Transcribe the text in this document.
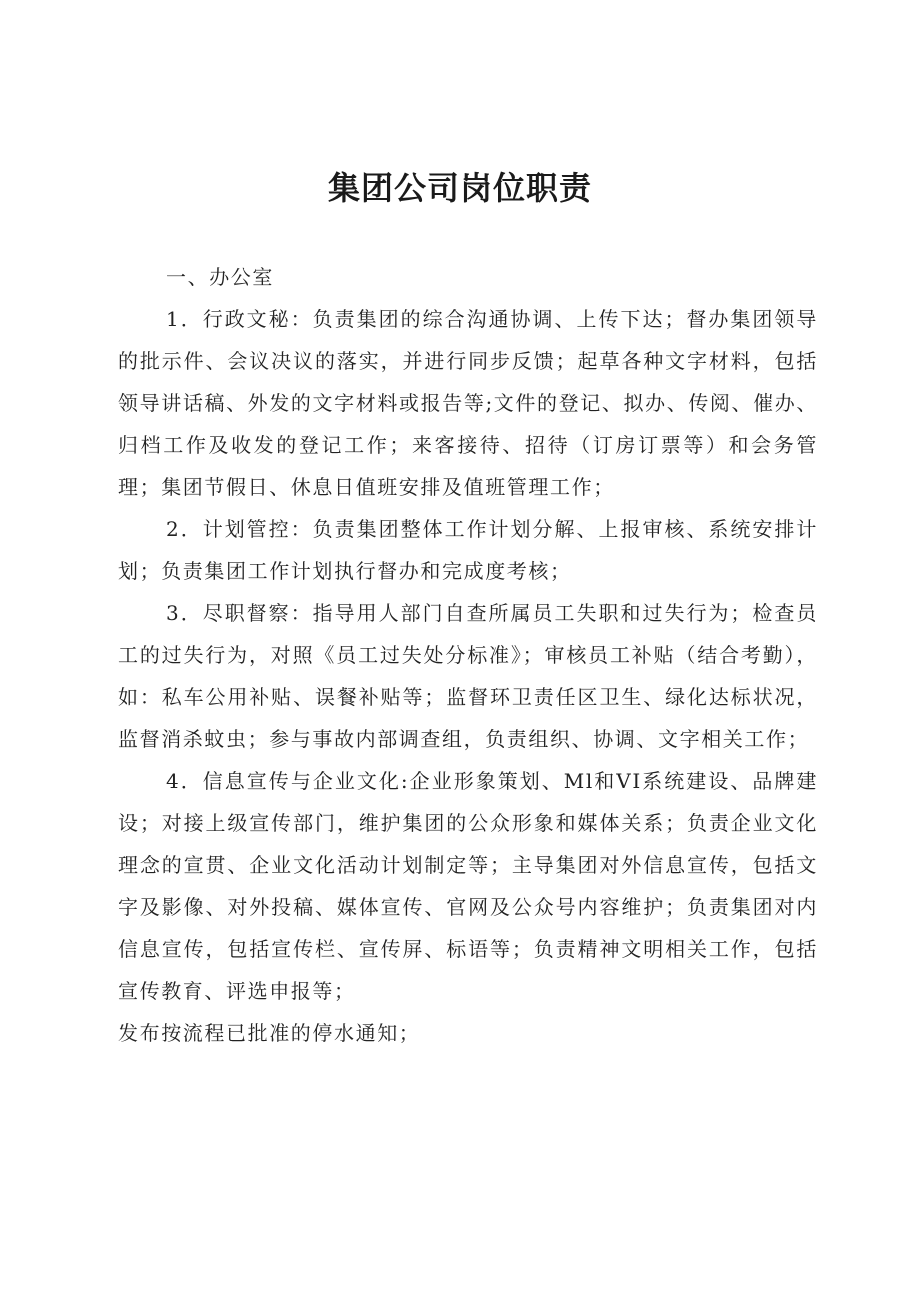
集团公司岗位职责

一、办公室

1．行政文秘：负责集团的综合沟通协调、上传下达；督办集团领导的批示件、会议决议的落实，并进行同步反馈；起草各种文字材料，包括领导讲话稿、外发的文字材料或报告等;文件的登记、拟办、传阅、催办、归档工作及收发的登记工作；来客接待、招待（订房订票等）和会务管理；集团节假日、休息日值班安排及值班管理工作；

2．计划管控：负责集团整体工作计划分解、上报审核、系统安排计划；负责集团工作计划执行督办和完成度考核；

3．尽职督察：指导用人部门自查所属员工失职和过失行为；检查员工的过失行为，对照《员工过失处分标准》；审核员工补贴（结合考勤），如：私车公用补贴、误餐补贴等；监督环卫责任区卫生、绿化达标状况，监督消杀蚊虫；参与事故内部调查组，负责组织、协调、文字相关工作；

4．信息宣传与企业文化:企业形象策划、Ml和VI系统建设、品牌建设；对接上级宣传部门，维护集团的公众形象和媒体关系；负责企业文化理念的宣贯、企业文化活动计划制定等；主导集团对外信息宣传，包括文字及影像、对外投稿、媒体宣传、官网及公众号内容维护；负责集团对内信息宣传，包括宣传栏、宣传屏、标语等；负责精神文明相关工作，包括宣传教育、评选申报等；

发布按流程已批准的停水通知；
